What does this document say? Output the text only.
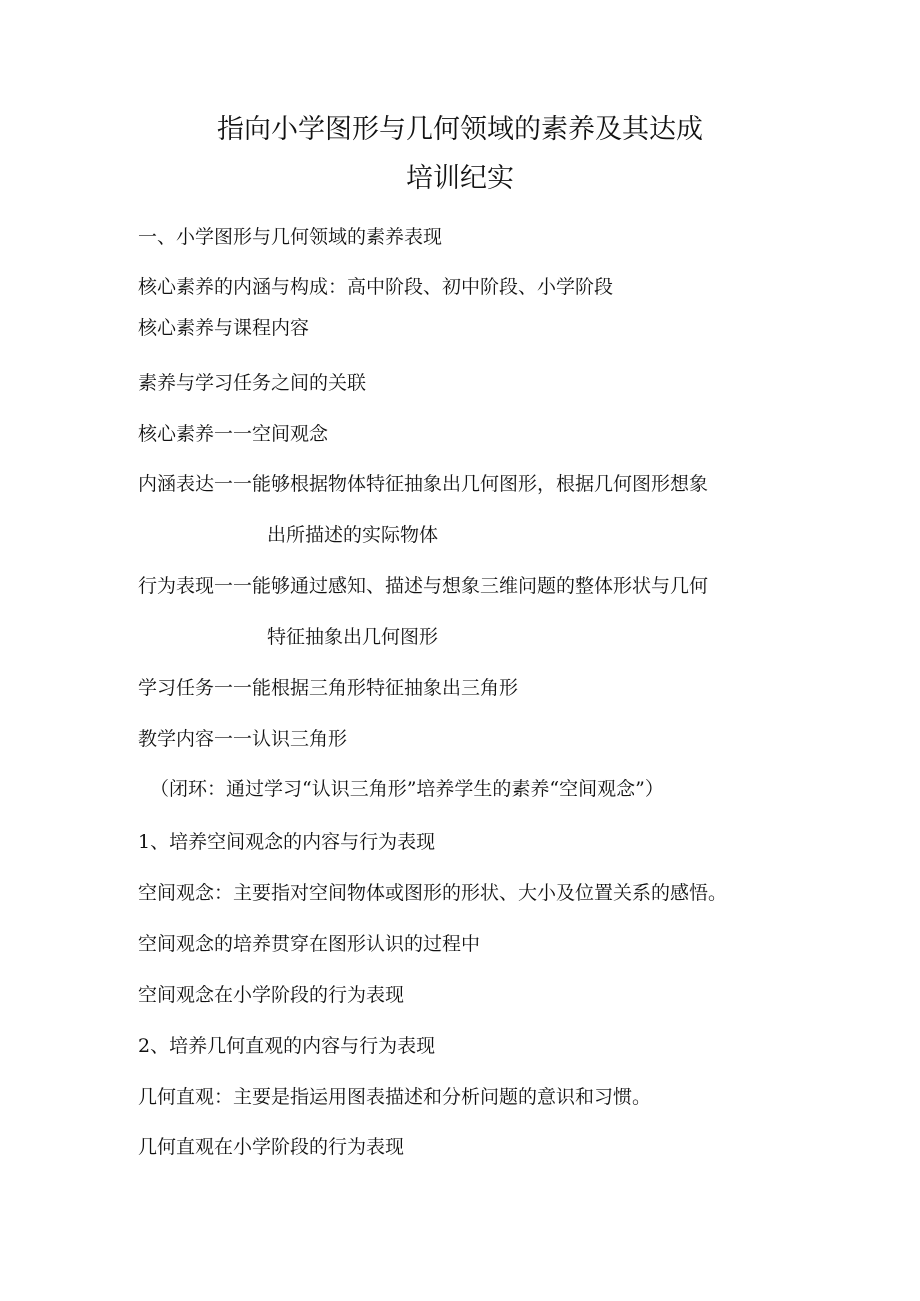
指向小学图形与几何领域的素养及其达成
培训纪实
一、小学图形与几何领域的素养表现
核心素养的内涵与构成：高中阶段、初中阶段、小学阶段
核心素养与课程内容
素养与学习任务之间的关联
核心素养一一空间观念
内涵表达一一能够根据物体特征抽象出几何图形，根据几何图形想象
出所描述的实际物体
行为表现一一能够通过感知、描述与想象三维问题的整体形状与几何
特征抽象出几何图形
学习任务一一能根据三角形特征抽象出三角形
教学内容一一认识三角形
（闭环：通过学习“认识三角形”培养学生的素养“空间观念”）
1、培养空间观念的内容与行为表现
空间观念：主要指对空间物体或图形的形状、大小及位置关系的感悟。
空间观念的培养贯穿在图形认识的过程中
空间观念在小学阶段的行为表现
2、培养几何直观的内容与行为表现
几何直观：主要是指运用图表描述和分析问题的意识和习惯。
几何直观在小学阶段的行为表现
